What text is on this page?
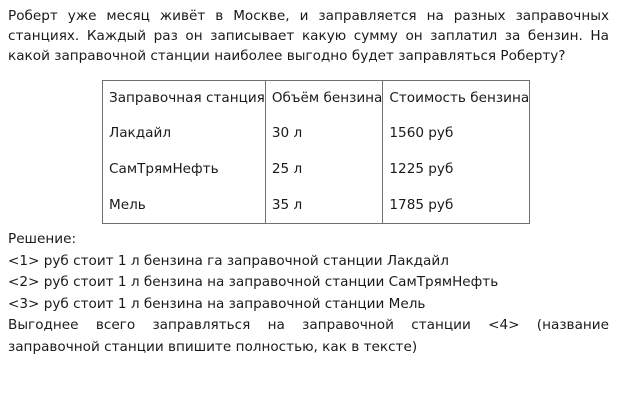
Роберт уже месяц живёт в Москве, и заправляется на разных заправочных станциях. Каждый раз он записывает какую сумму он заплатил за бензин. На какой заправочной станции наиболее выгодно будет заправляться Роберту?

Заправочная станция	Объём бензина	Стоимость бензина
Лакдайл	30 л	1560 руб
СамТрямНефть	25 л	1225 руб
Мель	35 л	1785 руб

Решение:

<1> руб стоит 1 л бензина га заправочной станции Лакдайл

<2> руб стоит 1 л бензина на заправочной станции СамТрямНефть

<3> руб стоит 1 л бензина на заправочной станции Мель

Выгоднее всего заправляться на заправочной станции <4> (название заправочной станции впишите полностью, как в тексте)
